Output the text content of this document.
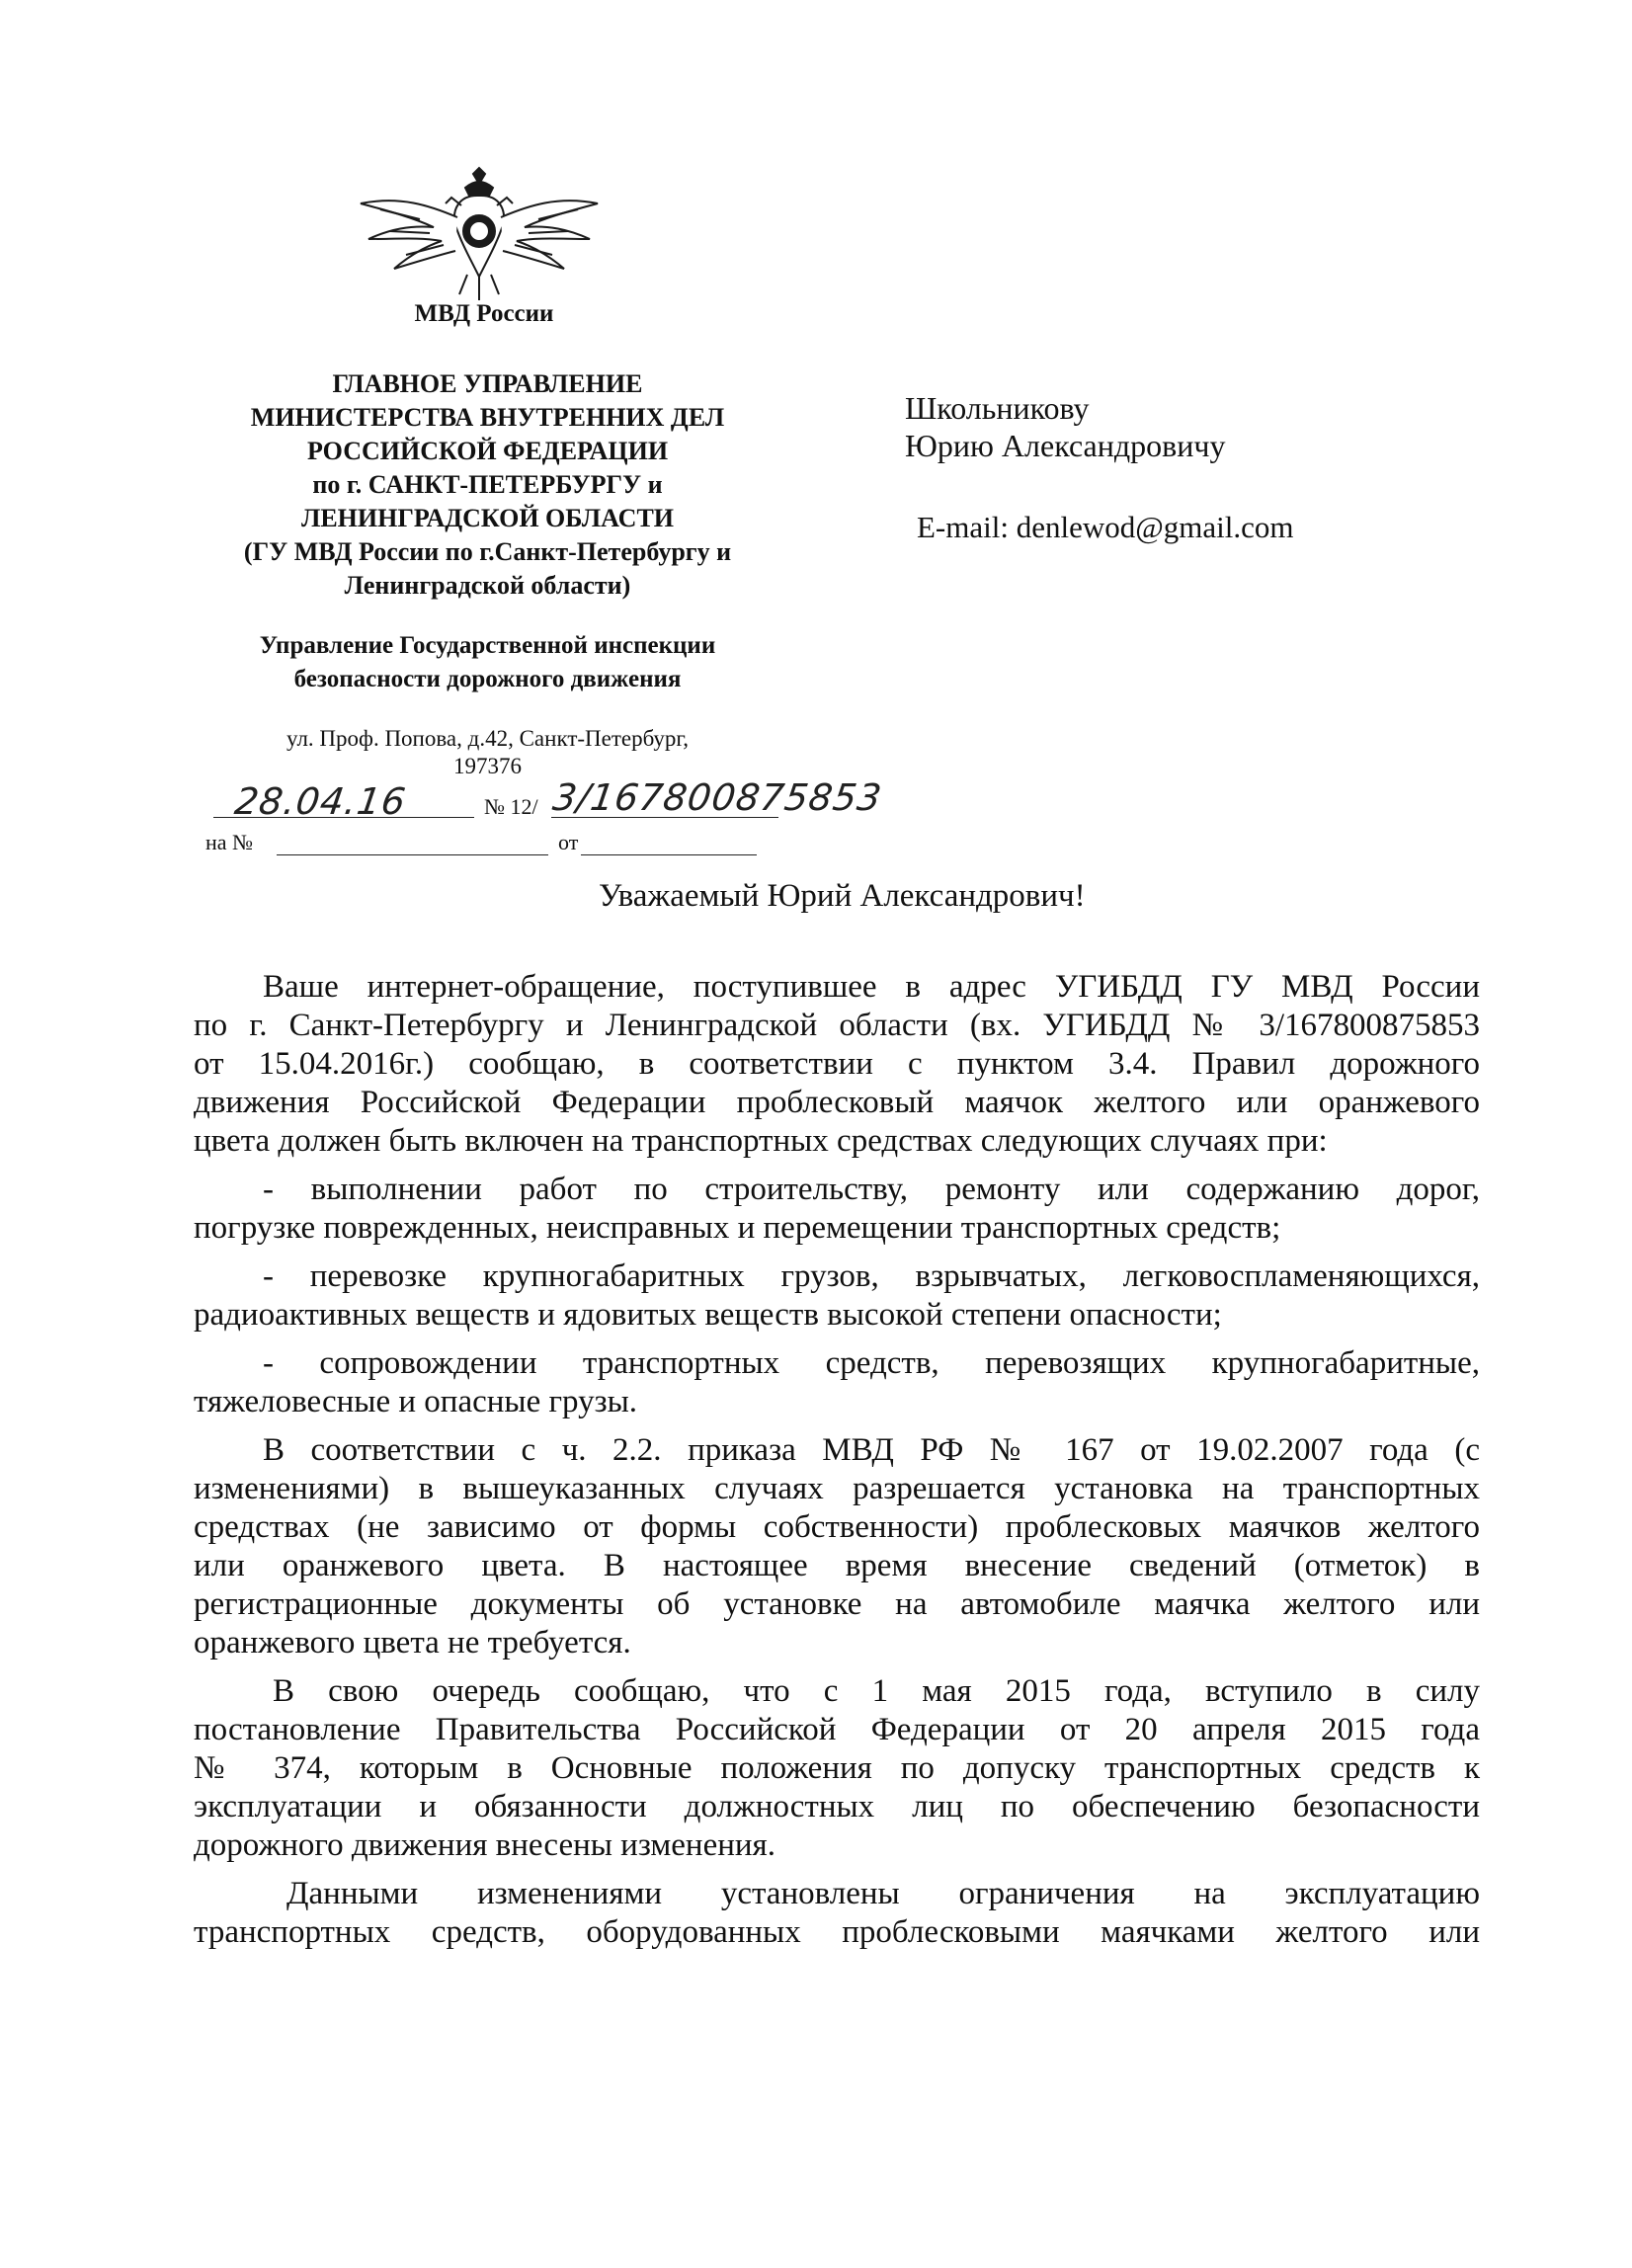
МВД России
ГЛАВНОЕ УПРАВЛЕНИЕ
МИНИСТЕРСТВА ВНУТРЕННИХ ДЕЛ
РОССИЙСКОЙ ФЕДЕРАЦИИ
по г. САНКТ-ПЕТЕРБУРГУ и
ЛЕНИНГРАДСКОЙ ОБЛАСТИ
(ГУ МВД России по г.Санкт-Петербургу и
Ленинградской области)
Управление Государственной инспекции
безопасности дорожного движения
ул. Проф. Попова, д.42, Санкт-Петербург,
197376
28.04.16	№ 12/ 3/167800875853
на №	от
Школьникову
Юрию Александровичу
E-mail: denlewod@gmail.com
Уважаемый Юрий Александрович!

Ваше интернет-обращение, поступившее в адрес УГИБДД ГУ МВД России

по г. Санкт-Петербургу и Ленинградской области (вх. УГИБДД № 3/167800875853

от 15.04.2016г.) сообщаю, в соответствии с пунктом 3.4. Правил дорожного

движения Российской Федерации проблесковый маячок желтого или оранжевого

цвета должен быть включен на транспортных средствах следующих случаях при:

- выполнении работ по строительству, ремонту или содержанию дорог,

погрузке поврежденных, неисправных и перемещении транспортных средств;

- перевозке крупногабаритных грузов, взрывчатых, легковоспламеняющихся,

радиоактивных веществ и ядовитых веществ высокой степени опасности;

- сопровождении транспортных средств, перевозящих крупногабаритные,

тяжеловесные и опасные грузы.

В соответствии с ч. 2.2. приказа МВД РФ № 167 от 19.02.2007 года (с

изменениями) в вышеуказанных случаях разрешается установка на транспортных

средствах (не зависимо от формы собственности) проблесковых маячков желтого

или оранжевого цвета. В настоящее время внесение сведений (отметок) в

регистрационные документы об установке на автомобиле маячка желтого или

оранжевого цвета не требуется.

В свою очередь сообщаю, что с 1 мая 2015 года, вступило в силу

постановление Правительства Российской Федерации от 20 апреля 2015 года

№ 374, которым в Основные положения по допуску транспортных средств к

эксплуатации и обязанности должностных лиц по обеспечению безопасности

дорожного движения внесены изменения.

Данными изменениями установлены ограничения на эксплуатацию

транспортных средств, оборудованных проблесковыми маячками желтого или
